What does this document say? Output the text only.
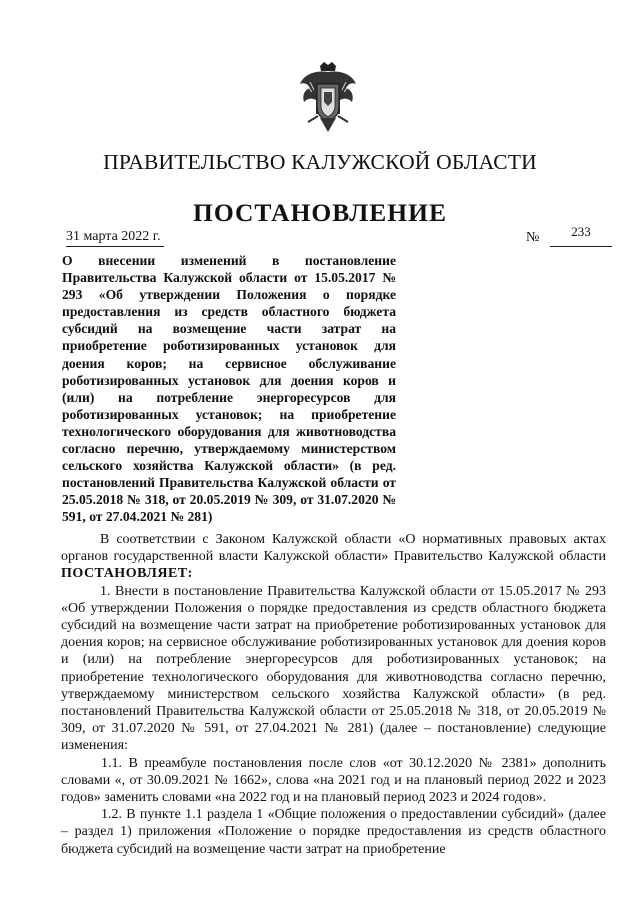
ПРАВИТЕЛЬСТВО КАЛУЖСКОЙ ОБЛАСТИ
ПОСТАНОВЛЕНИЕ
31 марта 2022 г.	№	233
О внесении изменений в постановление Правительства Калужской области от 15.05.2017 № 293 «Об утверждении Положения о порядке предоставления из средств областного бюджета субсидий на возмещение части затрат на приобретение роботизированных установок для доения коров; на сервисное обслуживание роботизированных установок для доения коров и (или) на потребление энергоресурсов для роботизированных установок; на приобретение технологического оборудования для животноводства согласно перечню, утверждаемому министерством сельского хозяйства Калужской области» (в ред. постановлений Правительства Калужской области от 25.05.2018 № 318, от 20.05.2019 № 309, от 31.07.2020 № 591, от 27.04.2021 № 281)

В соответствии с Законом Калужской области «О нормативных правовых актах органов государственной власти Калужской области» Правительство Калужской области ПОСТАНОВЛЯЕТ:

1. Внести в постановление Правительства Калужской области от 15.05.2017 № 293 «Об утверждении Положения о порядке предоставления из средств областного бюджета субсидий на возмещение части затрат на приобретение роботизированных установок для доения коров; на сервисное обслуживание роботизированных установок для доения коров и (или) на потребление энергоресурсов для роботизированных установок; на приобретение технологического оборудования для животноводства согласно перечню, утверждаемому министерством сельского хозяйства Калужской области» (в ред. постановлений Правительства Калужской области от 25.05.2018 № 318, от 20.05.2019 № 309, от 31.07.2020 № 591, от 27.04.2021 № 281) (далее – постановление) следующие изменения:

1.1. В преамбуле постановления после слов «от 30.12.2020 № 2381» дополнить словами «, от 30.09.2021 № 1662», слова «на 2021 год и на плановый период 2022 и 2023 годов» заменить словами «на 2022 год и на плановый период 2023 и 2024 годов».

1.2. В пункте 1.1 раздела 1 «Общие положения о предоставлении субсидий» (далее – раздел 1) приложения «Положение о порядке предоставления из средств областного бюджета субсидий на возмещение части затрат на приобретение
